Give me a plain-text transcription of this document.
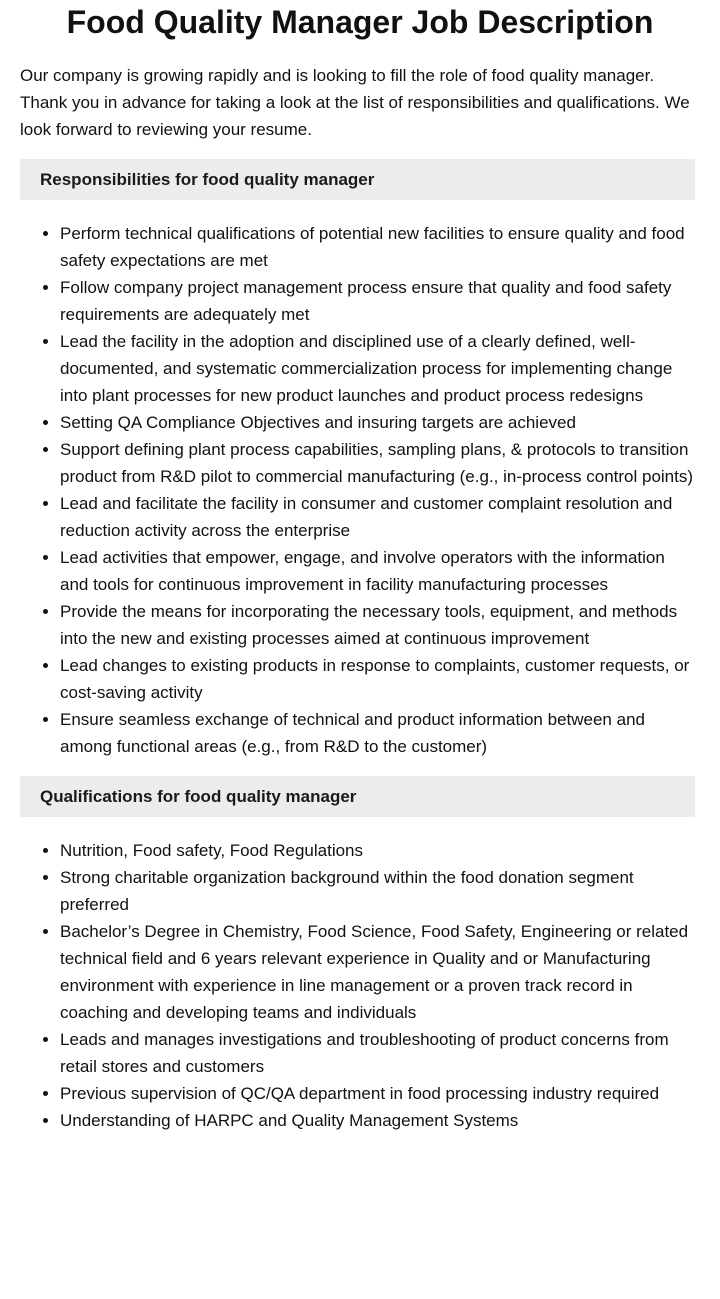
Food Quality Manager Job Description

Our company is growing rapidly and is looking to fill the role of food quality manager. Thank you in advance for taking a look at the list of responsibilities and qualifications. We look forward to reviewing your resume.

Responsibilities for food quality manager
• Perform technical qualifications of potential new facilities to ensure quality and food safety expectations are met
• Follow company project management process ensure that quality and food safety requirements are adequately met
• Lead the facility in the adoption and disciplined use of a clearly defined, well-documented, and systematic commercialization process for implementing change into plant processes for new product launches and product process redesigns
• Setting QA Compliance Objectives and insuring targets are achieved
• Support defining plant process capabilities, sampling plans, & protocols to transition product from R&D pilot to commercial manufacturing (e.g., in-process control points)
• Lead and facilitate the facility in consumer and customer complaint resolution and reduction activity across the enterprise
• Lead activities that empower, engage, and involve operators with the information and tools for continuous improvement in facility manufacturing processes
• Provide the means for incorporating the necessary tools, equipment, and methods into the new and existing processes aimed at continuous improvement
• Lead changes to existing products in response to complaints, customer requests, or cost-saving activity
• Ensure seamless exchange of technical and product information between and among functional areas (e.g., from R&D to the customer)
Qualifications for food quality manager
• Nutrition, Food safety, Food Regulations
• Strong charitable organization background within the food donation segment preferred
• Bachelor’s Degree in Chemistry, Food Science, Food Safety, Engineering or related technical field and 6 years relevant experience in Quality and or Manufacturing environment with experience in line management or a proven track record in coaching and developing teams and individuals
• Leads and manages investigations and troubleshooting of product concerns from retail stores and customers
• Previous supervision of QC/QA department in food processing industry required
• Understanding of HARPC and Quality Management Systems
